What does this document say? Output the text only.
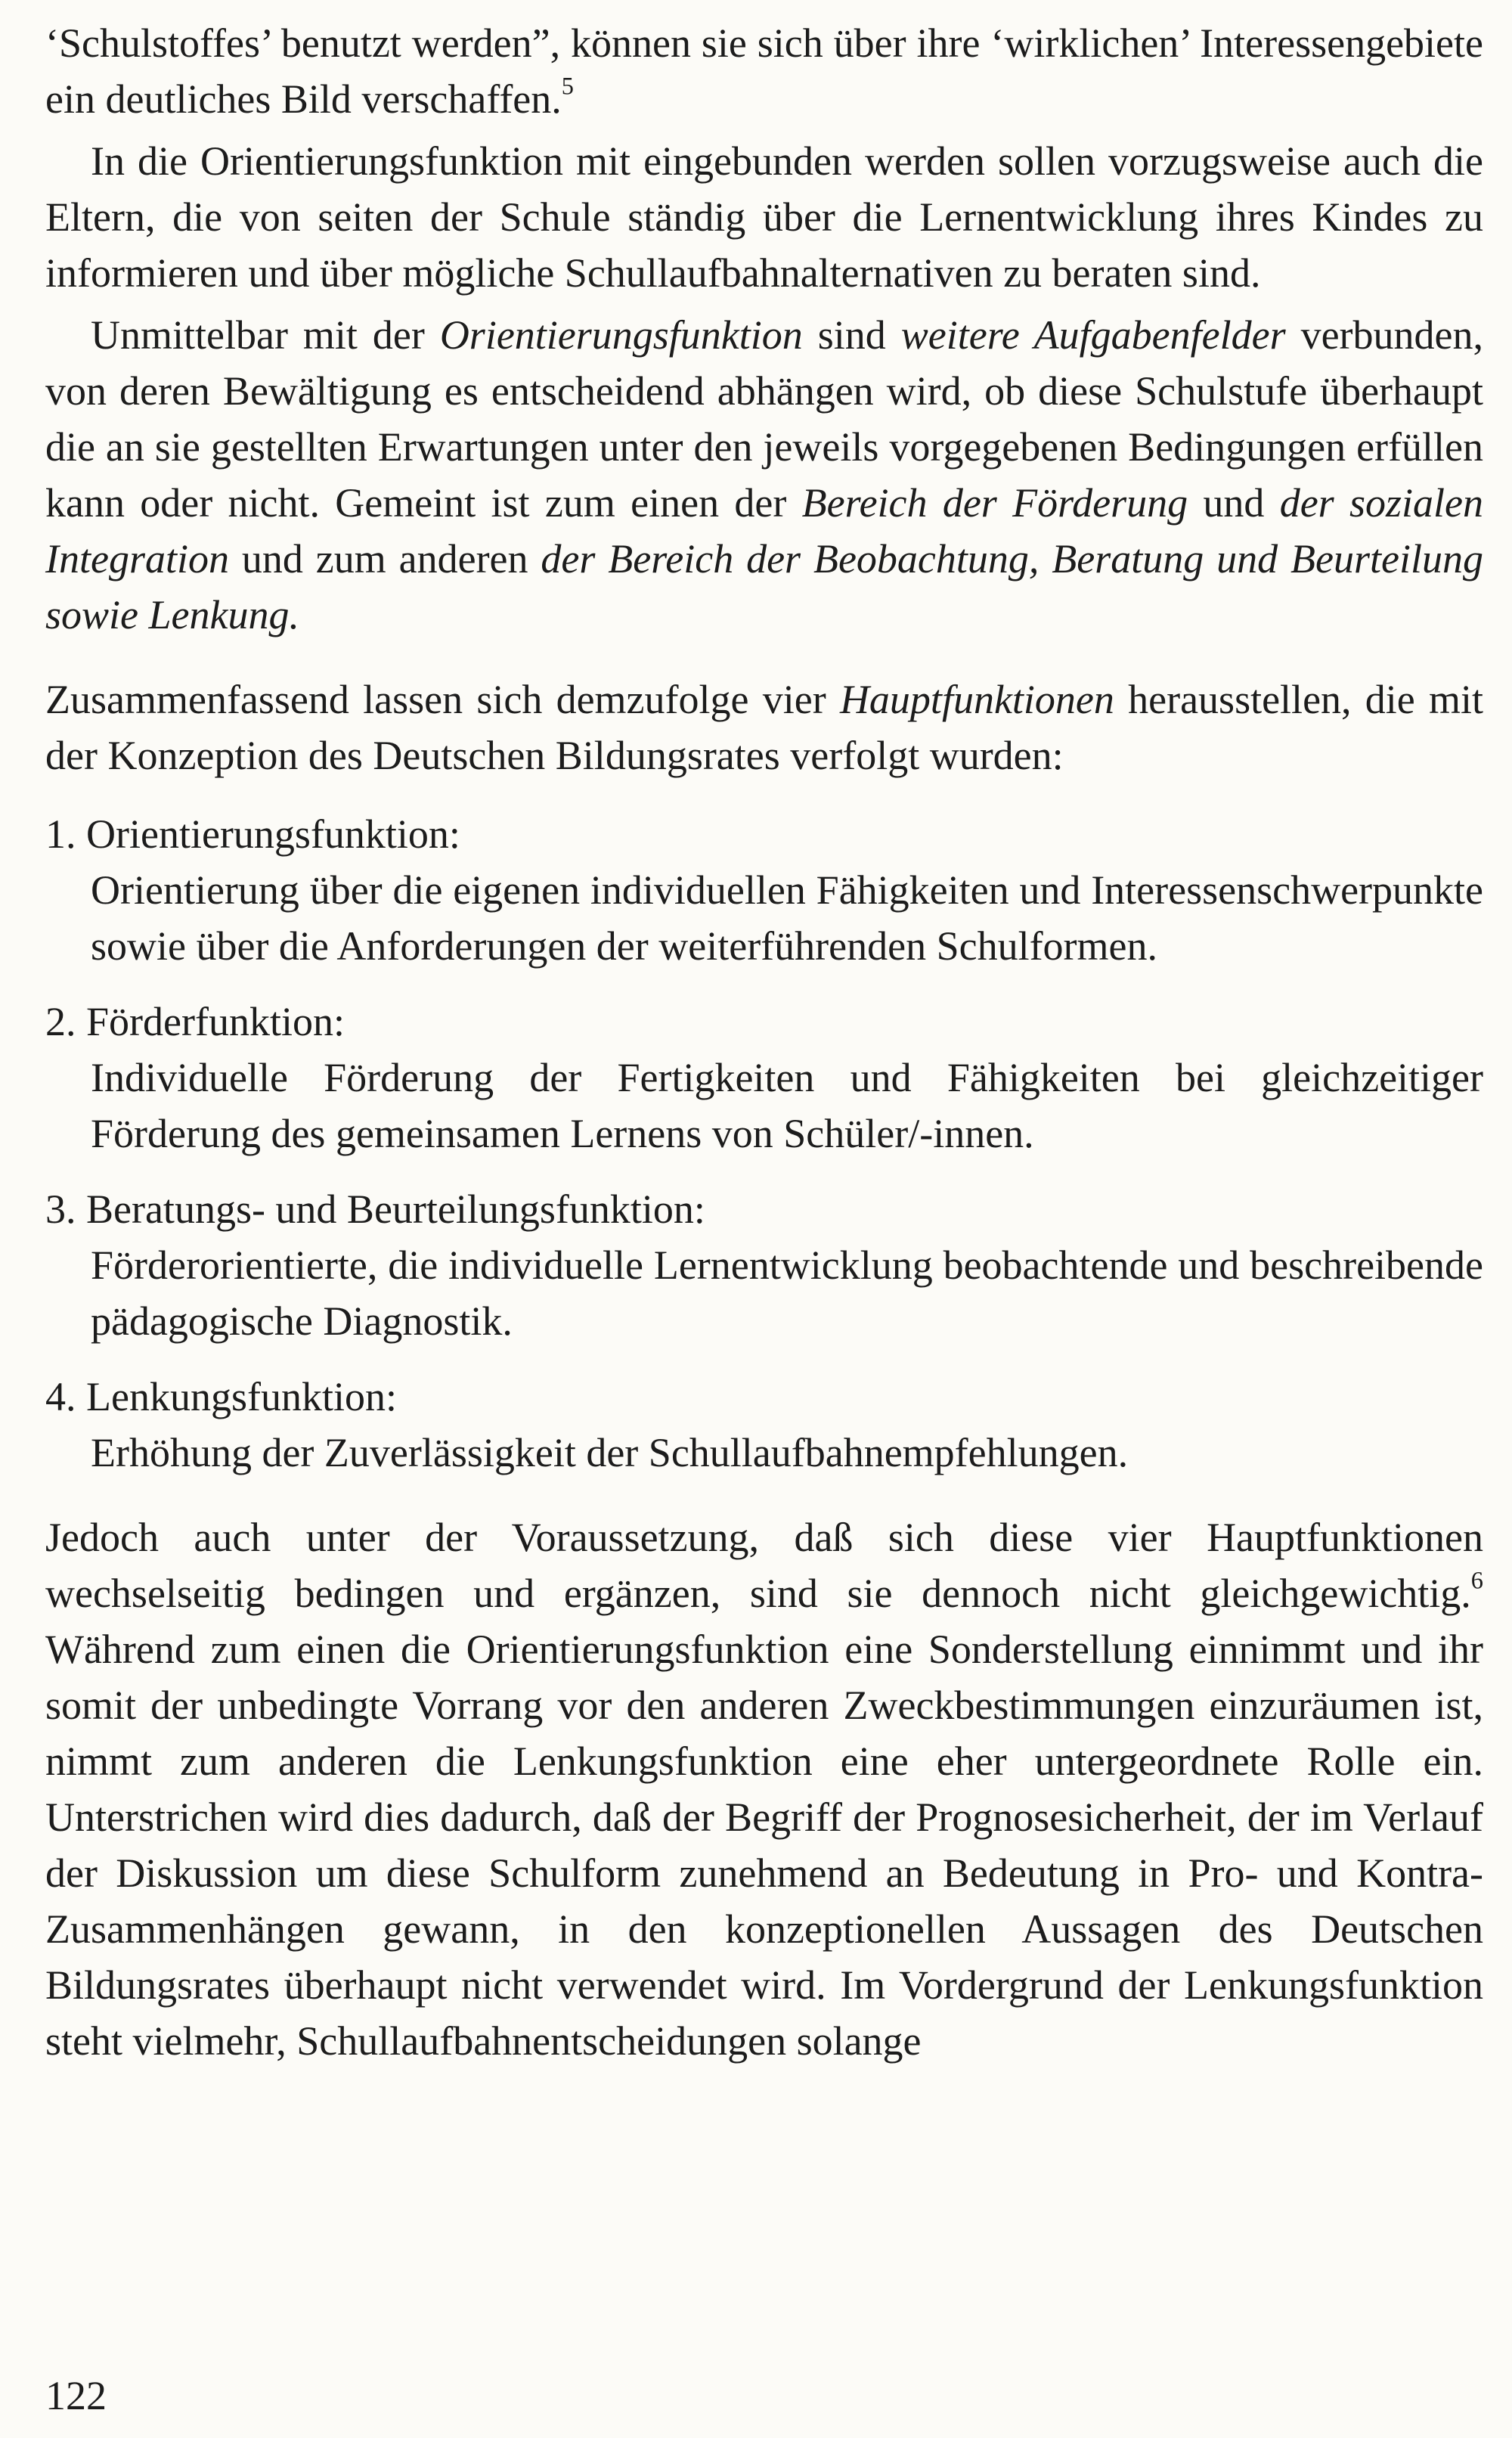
‘Schulstoffes’ benutzt werden”, können sie sich über ihre ‘wirklichen’ Interessengebiete ein deutliches Bild verschaffen.$^5$

In die Orientierungsfunktion mit eingebunden werden sollen vorzugsweise auch die Eltern, die von seiten der Schule ständig über die Lernentwicklung ihres Kindes zu informieren und über mögliche Schullaufbahnalternativen zu beraten sind.

Unmittelbar mit der Orientierungsfunktion sind weitere Aufgabenfelder verbunden, von deren Bewältigung es entscheidend abhängen wird, ob diese Schulstufe überhaupt die an sie gestellten Erwartungen unter den jeweils vorgegebenen Bedingungen erfüllen kann oder nicht. Gemeint ist zum einen der Bereich der Förderung und der sozialen Integration und zum anderen der Bereich der Beobachtung, Beratung und Beurteilung sowie Lenkung.

Zusammenfassend lassen sich demzufolge vier Hauptfunktionen herausstellen, die mit der Konzeption des Deutschen Bildungsrates verfolgt wurden:

1. Orientierungsfunktion:
Orientierung über die eigenen individuellen Fähigkeiten und Interessenschwerpunkte sowie über die Anforderungen der weiterführenden Schulformen.
2. Förderfunktion:
Individuelle Förderung der Fertigkeiten und Fähigkeiten bei gleichzeitiger Förderung des gemeinsamen Lernens von Schüler/-innen.
3. Beratungs- und Beurteilungsfunktion:
Förderorientierte, die individuelle Lernentwicklung beobachtende und beschreibende pädagogische Diagnostik.
4. Lenkungsfunktion:
Erhöhung der Zuverlässigkeit der Schullaufbahnempfehlungen.

Jedoch auch unter der Voraussetzung, daß sich diese vier Hauptfunktionen wechselseitig bedingen und ergänzen, sind sie dennoch nicht gleichgewichtig.$^6$ Während zum einen die Orientierungsfunktion eine Sonderstellung einnimmt und ihr somit der unbedingte Vorrang vor den anderen Zweckbestimmungen einzuräumen ist, nimmt zum anderen die Lenkungsfunktion eine eher untergeordnete Rolle ein. Unterstrichen wird dies dadurch, daß der Begriff der Prognosesicherheit, der im Verlauf der Diskussion um diese Schulform zunehmend an Bedeutung in Pro- und Kontra-Zusammenhängen gewann, in den konzeptionellen Aussagen des Deutschen Bildungsrates überhaupt nicht verwendet wird. Im Vordergrund der Lenkungsfunktion steht vielmehr, Schullaufbahnentscheidungen solange

122
